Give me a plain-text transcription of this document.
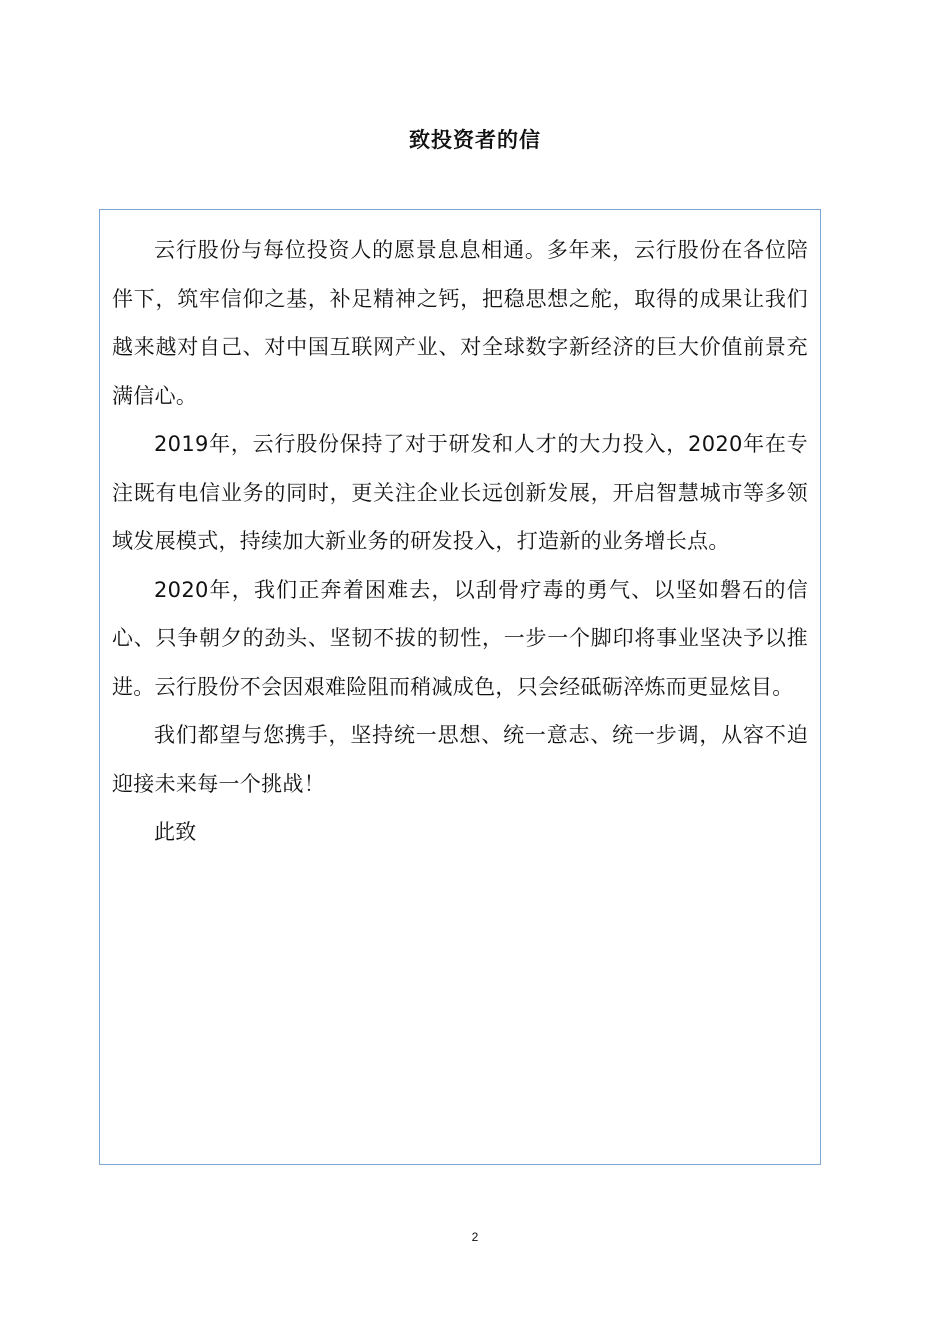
致投资者的信

云行股份与每位投资人的愿景息息相通。多年来，云行股份在各位陪伴下，筑牢信仰之基，补足精神之钙，把稳思想之舵，取得的成果让我们越来越对自己、对中国互联网产业、对全球数字新经济的巨大价值前景充满信心。

2019年，云行股份保持了对于研发和人才的大力投入，2020年在专注既有电信业务的同时，更关注企业长远创新发展，开启智慧城市等多领域发展模式，持续加大新业务的研发投入，打造新的业务增长点。

2020年，我们正奔着困难去，以刮骨疗毒的勇气、以坚如磐石的信心、只争朝夕的劲头、坚韧不拔的韧性，一步一个脚印将事业坚决予以推进。云行股份不会因艰难险阻而稍减成色，只会经砥砺淬炼而更显炫目。

我们都望与您携手，坚持统一思想、统一意志、统一步调，从容不迫迎接未来每一个挑战！

此致

2
